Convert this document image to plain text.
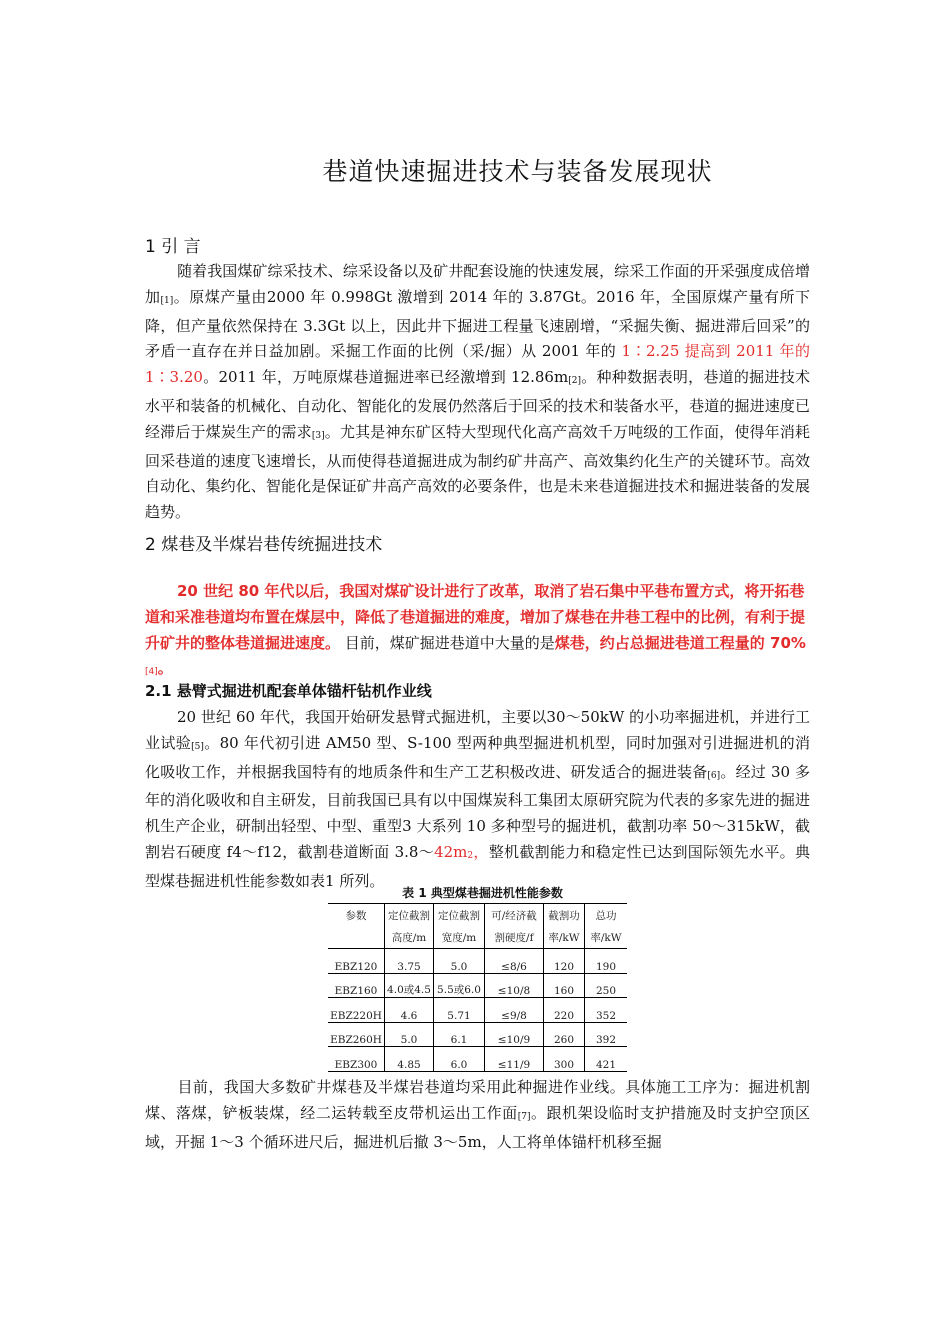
巷道快速掘进技术与装备发展现状
1 引 言
随着我国煤矿综采技术、综采设备以及矿井配套设施的快速发展，综采工作面的开采强度成倍增加[1]。原煤产量由2000 年 0.998Gt 激增到 2014 年的 3.87Gt。2016 年，全国原煤产量有所下降，但产量依然保持在 3.3Gt 以上，因此井下掘进工程量飞速剧增，“采掘失衡、掘进滞后回采”的矛盾一直存在并日益加剧。采掘工作面的比例（采/掘）从 2001 年的 1∶2.25 提高到 2011 年的 1∶3.20。2011 年，万吨原煤巷道掘进率已经激增到 12.86m[2]。种种数据表明，巷道的掘进技术水平和装备的机械化、自动化、智能化的发展仍然落后于回采的技术和装备水平，巷道的掘进速度已经滞后于煤炭生产的需求[3]。尤其是神东矿区特大型现代化高产高效千万吨级的工作面，使得年消耗回采巷道的速度飞速增长，从而使得巷道掘进成为制约矿井高产、高效集约化生产的关键环节。高效自动化、集约化、智能化是保证矿井高产高效的必要条件，也是未来巷道掘进技术和掘进装备的发展趋势。
2 煤巷及半煤岩巷传统掘进技术
20 世纪 80 年代以后，我国对煤矿设计进行了改革，取消了岩石集中平巷布置方式，将开拓巷道和采准巷道均布置在煤层中，降低了巷道掘进的难度，增加了煤巷在井巷工程中的比例，有利于提升矿井的整体巷道掘进速度。 目前，煤矿掘进巷道中大量的是煤巷，约占总掘进巷道工程量的 70%[4]。
2.1 悬臂式掘进机配套单体锚杆钻机作业线
20 世纪 60 年代，我国开始研发悬臂式掘进机，主要以30～50kW 的小功率掘进机，并进行工业试验[5]。80 年代初引进 AM50 型、S-100 型两种典型掘进机机型，同时加强对引进掘进机的消化吸收工作，并根据我国特有的地质条件和生产工艺积极改进、研发适合的掘进装备[6]。经过 30 多年的消化吸收和自主研发，目前我国已具有以中国煤炭科工集团太原研究院为代表的多家先进的掘进机生产企业，研制出轻型、中型、重型3 大系列 10 多种型号的掘进机，截割功率 50～315kW，截割岩石硬度 f4～f12，截割巷道断面 3.8～42m$^2$，整机截割能力和稳定性已达到国际领先水平。典型煤巷掘进机性能参数如表1 所列。
表 1 典型煤巷掘进机性能参数
参数	定位截割	定位截割	可/经济截	截割功	总功
	高度/m	宽度/m	割硬度/f	率/kW	率/kW
EBZ120	3.75	5.0	≤8/6	120	190
EBZ160	4.0或4.5	5.5或6.0	≤10/8	160	250
EBZ220H	4.6	5.71	≤9/8	220	352
EBZ260H	5.0	6.1	≤10/9	260	392
EBZ300	4.85	6.0	≤11/9	300	421
目前，我国大多数矿井煤巷及半煤岩巷道均采用此种掘进作业线。具体施工工序为：掘进机割煤、落煤，铲板装煤，经二运转载至皮带机运出工作面[7]。跟机架设临时支护措施及时支护空顶区域，开掘 1～3 个循环进尺后，掘进机后撤 3～5m，人工将单体锚杆机移至掘
